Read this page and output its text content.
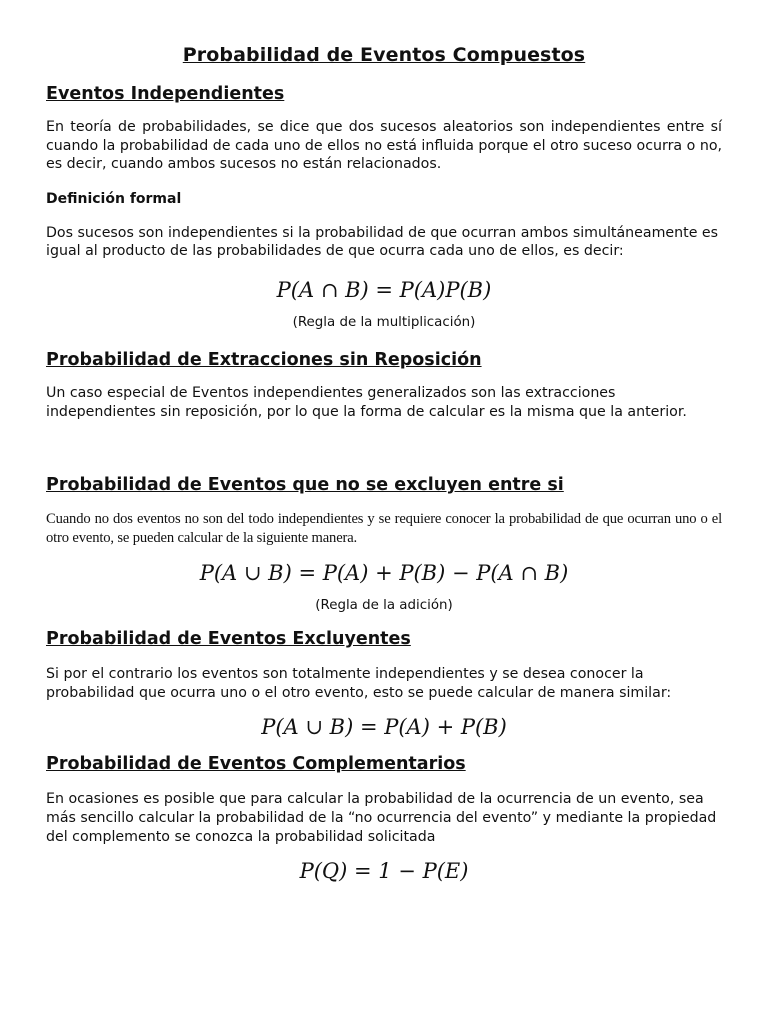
Probabilidad de Eventos Compuestos
Eventos Independientes

En teoría de probabilidades, se dice que dos sucesos aleatorios son independientes entre sí cuando la probabilidad de cada uno de ellos no está influida porque el otro suceso ocurra o no, es decir, cuando ambos sucesos no están relacionados.

Definición formal

Dos sucesos son independientes si la probabilidad de que ocurran ambos simultáneamente es igual al producto de las probabilidades de que ocurra cada uno de ellos, es decir:

P(A ∩ B) = P(A)P(B)

(Regla de la multiplicación)

Probabilidad de Extracciones sin Reposición

Un caso especial de Eventos independientes generalizados son las extracciones independientes sin reposición, por lo que la forma de calcular es la misma que la anterior.

Probabilidad de Eventos que no se excluyen entre si

Cuando no dos eventos no son del todo independientes y se requiere conocer la probabilidad de que ocurran uno o el otro evento, se pueden calcular de la siguiente manera.

P(A ∪ B) = P(A) + P(B) − P(A ∩ B)

(Regla de la adición)

Probabilidad de Eventos Excluyentes

Si por el contrario los eventos son totalmente independientes y se desea conocer la probabilidad que ocurra uno o el otro evento, esto se puede calcular de manera similar:

P(A ∪ B) = P(A) + P(B)

Probabilidad de Eventos Complementarios

En ocasiones es posible que para calcular la probabilidad de la ocurrencia de un evento, sea más sencillo calcular la probabilidad de la “no ocurrencia del evento” y mediante la propiedad del complemento se conozca la probabilidad solicitada

P(Q) = 1 − P(E)
